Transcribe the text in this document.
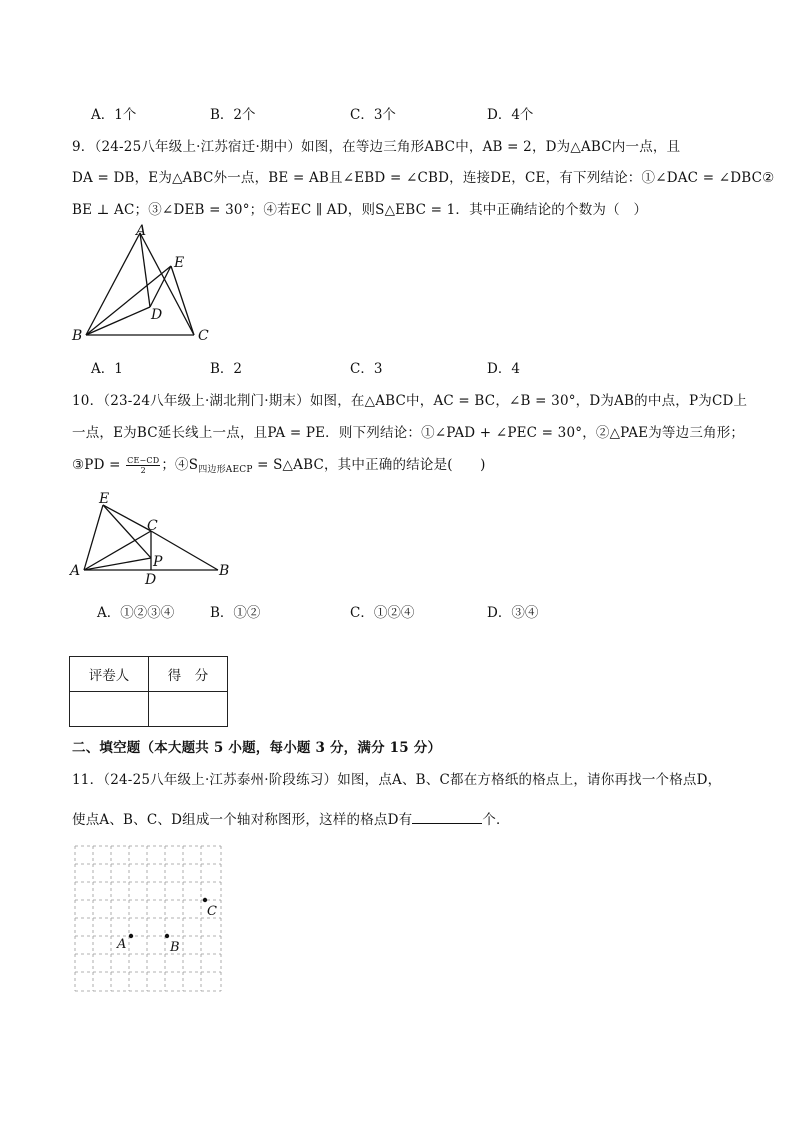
A．1个	B．2个	C．3个	D．4个
9．（24-25八年级上·江苏宿迁·期中）如图，在等边三角形ABC中，AB = 2，D为△ABC内一点，且
DA = DB，E为△ABC外一点，BE = AB且∠EBD = ∠CBD，连接DE，CE，有下列结论：①∠DAC = ∠DBC②
BE ⊥ AC；③∠DEB = 30°；④若EC ∥ AD，则S△EBC = 1．其中正确结论的个数为（　）
A
E
D
B	C
A．1	B．2	C．3	D．4
10．（23-24八年级上·湖北荆门·期末）如图，在△ABC中，AC = BC，∠B = 30°，D为AB的中点，P为CD上
一点，E为BC延长线上一点，且PA = PE．则下列结论：①∠PAD + ∠PEC = 30°，②△PAE为等边三角形；
③PD = $\frac{CE-CD}{2}$ ；$④S_{四边形AECP}$ = S△ABC，其中正确的结论是(　　)
E
C
P
A
D
B
A．①②③④	B．①②	C．①②④	D．③④
评卷人	得　分

二、填空题（本大题共 5 小题，每小题 3 分，满分 15 分）
11．（24-25八年级上·江苏泰州·阶段练习）如图，点A、B、C都在方格纸的格点上，请你再找一个格点D，
使点A、B、C、D组成一个轴对称图形，这样的格点D有	个．
A	B
C
